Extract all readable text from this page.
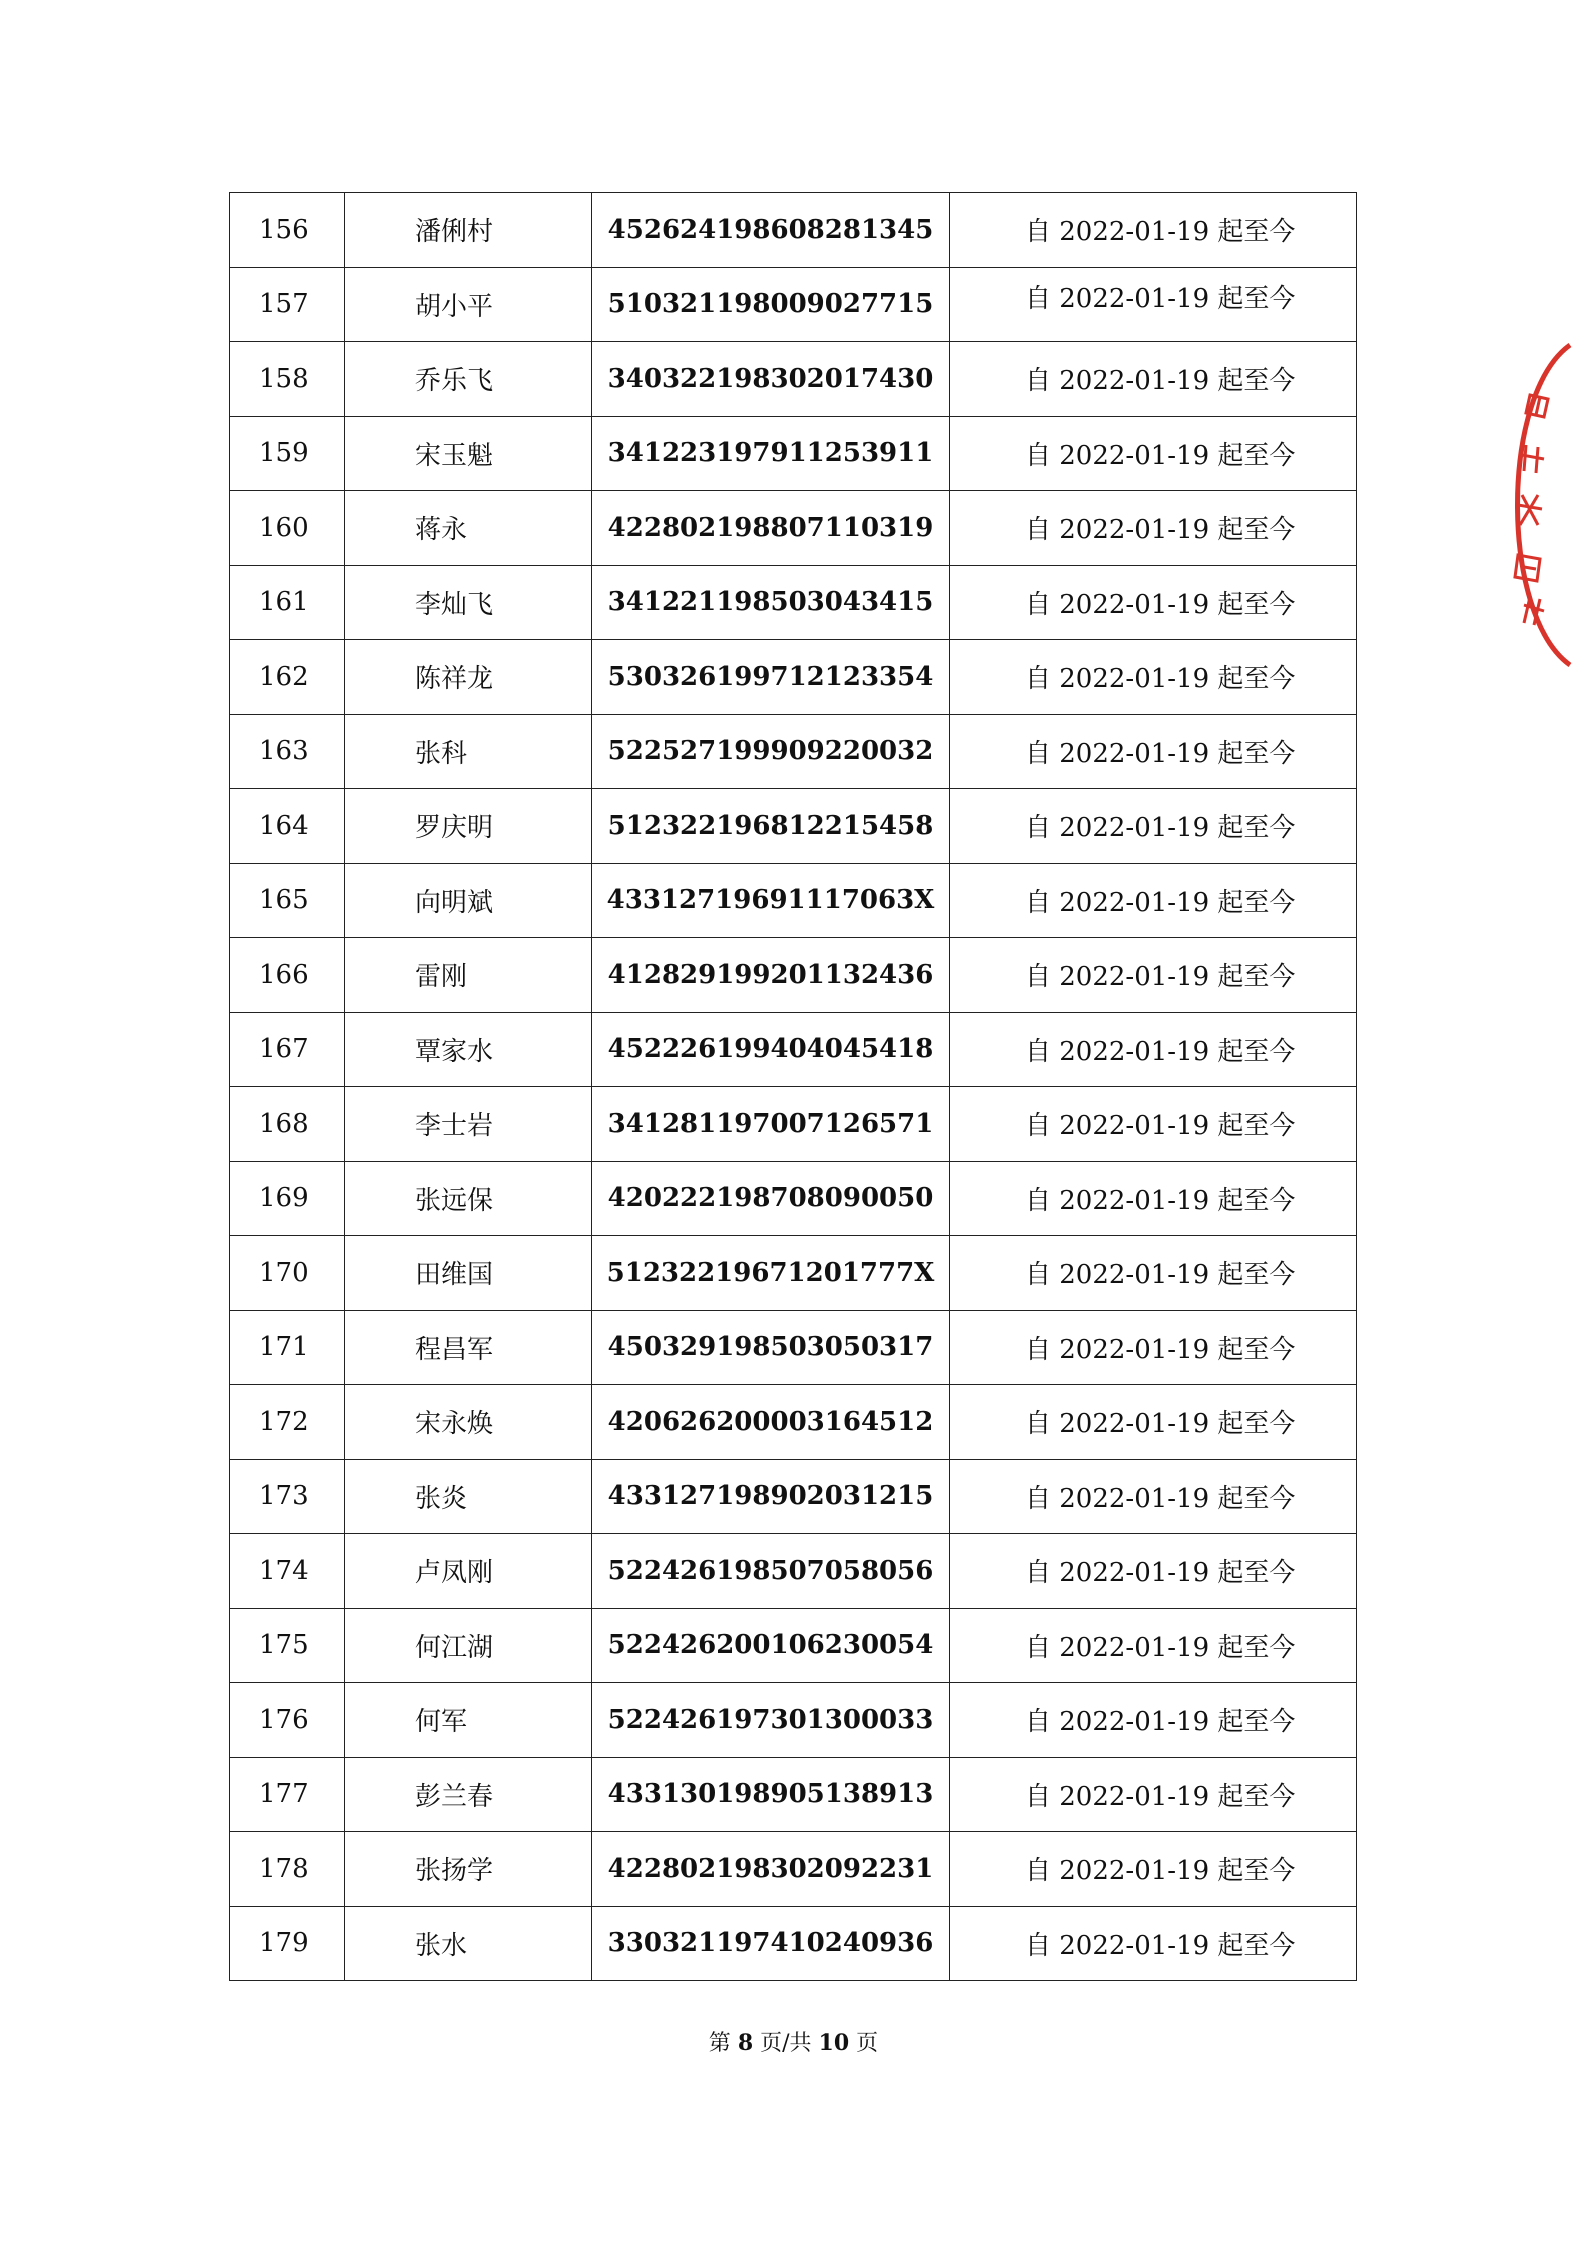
156	潘俐村	452624198608281345	自 2022-01-19 起至今
157	胡小平	510321198009027715	自 2022-01-19 起至今
158	乔乐飞	340322198302017430	自 2022-01-19 起至今
159	宋玉魁	341223197911253911	自 2022-01-19 起至今
160	蒋永	422802198807110319	自 2022-01-19 起至今
161	李灿飞	341221198503043415	自 2022-01-19 起至今
162	陈祥龙	530326199712123354	自 2022-01-19 起至今
163	张科	522527199909220032	自 2022-01-19 起至今
164	罗庆明	512322196812215458	自 2022-01-19 起至今
165	向明斌	43312719691117063X	自 2022-01-19 起至今
166	雷刚	412829199201132436	自 2022-01-19 起至今
167	覃家水	452226199404045418	自 2022-01-19 起至今
168	李士岩	341281197007126571	自 2022-01-19 起至今
169	张远保	420222198708090050	自 2022-01-19 起至今
170	田维国	51232219671201777X	自 2022-01-19 起至今
171	程昌军	450329198503050317	自 2022-01-19 起至今
172	宋永焕	420626200003164512	自 2022-01-19 起至今
173	张炎	433127198902031215	自 2022-01-19 起至今
174	卢凤刚	522426198507058056	自 2022-01-19 起至今
175	何江湖	522426200106230054	自 2022-01-19 起至今
176	何军	522426197301300033	自 2022-01-19 起至今
177	彭兰春	433130198905138913	自 2022-01-19 起至今
178	张扬学	422802198302092231	自 2022-01-19 起至今
179	张水	330321197410240936	自 2022-01-19 起至今
第 8 页/共 10 页
